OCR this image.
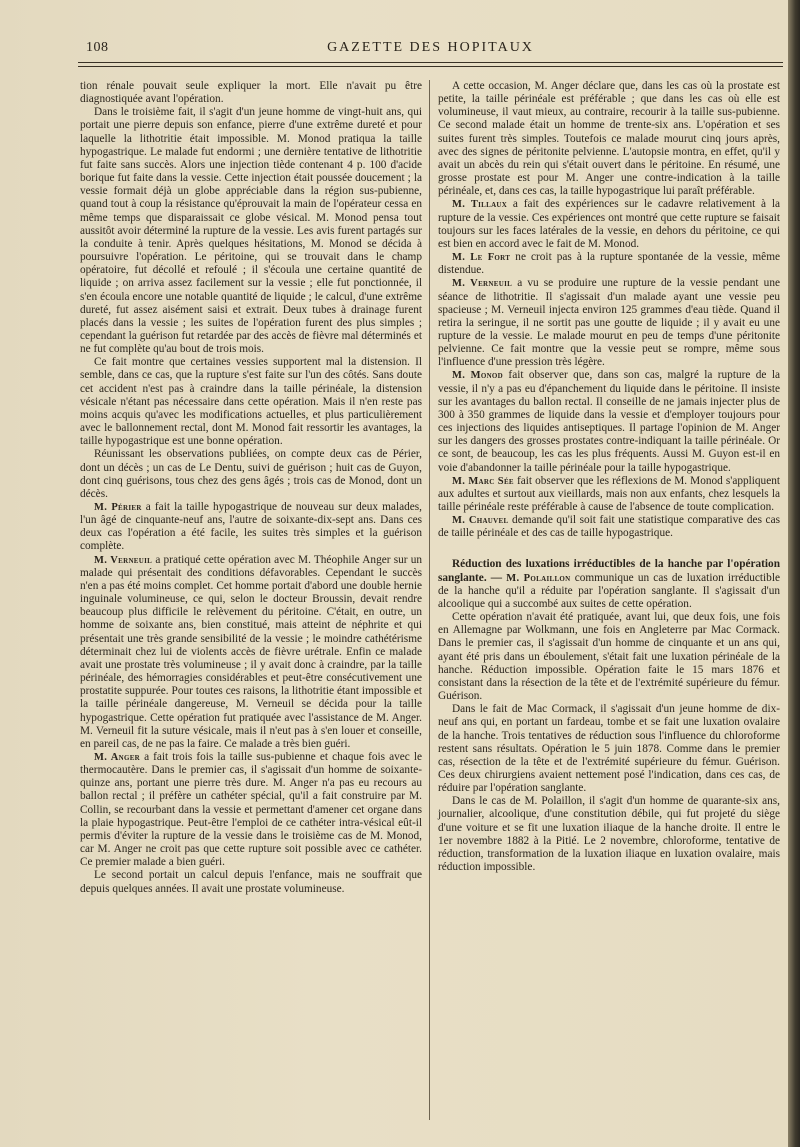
108	GAZETTE DES HOPITAUX

tion rénale pouvait seule expliquer la mort. Elle n'avait pu être diagnostiquée avant l'opération.

Dans le troisième fait, il s'agit d'un jeune homme de vingt-huit ans, qui portait une pierre depuis son enfance, pierre d'une extrême dureté et pour laquelle la lithotritie était impossible. M. Monod pratiqua la taille hypogastrique. Le malade fut endormi ; une dernière tentative de lithotritie fut faite sans succès. Alors une injection tiède contenant 4 p. 100 d'acide borique fut faite dans la vessie. Cette injection était poussée doucement ; la vessie formait déjà un globe appréciable dans la région sus-pubienne, quand tout à coup la résistance qu'éprouvait la main de l'opérateur cessa en même temps que disparaissait ce globe vésical. M. Monod pensa tout aussitôt avoir déterminé la rupture de la vessie. Les avis furent partagés sur la conduite à tenir. Après quelques hésitations, M. Monod se décida à poursuivre l'opération. Le péritoine, qui se trouvait dans le champ opératoire, fut décollé et refoulé ; il s'écoula une certaine quantité de liquide ; on arriva assez facilement sur la vessie ; elle fut ponctionnée, il s'en écoula encore une notable quantité de liquide ; le calcul, d'une extrême dureté, fut assez aisément saisi et extrait. Deux tubes à drainage furent placés dans la vessie ; les suites de l'opération furent des plus simples ; cependant la guérison fut retardée par des accès de fièvre mal déterminés et ne fut complète qu'au bout de trois mois.

Ce fait montre que certaines vessies supportent mal la distension. Il semble, dans ce cas, que la rupture s'est faite sur l'un des côtés. Sans doute cet accident n'est pas à craindre dans la taille périnéale, la distension vésicale n'étant pas nécessaire dans cette opération. Mais il n'en reste pas moins acquis qu'avec les modifications actuelles, et plus particulièrement avec le ballonnement rectal, dont M. Monod fait ressortir les avantages, la taille hypogastrique est une bonne opération.

Réunissant les observations publiées, on compte deux cas de Périer, dont un décès ; un cas de Le Dentu, suivi de guérison ; huit cas de Guyon, dont cinq guérisons, tous chez des gens âgés ; trois cas de Monod, dont un décès.

M. Périer a fait la taille hypogastrique de nouveau sur deux malades, l'un âgé de cinquante-neuf ans, l'autre de soixante-dix-sept ans. Dans ces deux cas l'opération a été facile, les suites très simples et la guérison complète.

M. Verneuil a pratiqué cette opération avec M. Théophile Anger sur un malade qui présentait des conditions défavorables. Cependant le succès n'en a pas été moins complet. Cet homme portait d'abord une double hernie inguinale volumineuse, ce qui, selon le docteur Broussin, devait rendre beaucoup plus difficile le relèvement du péritoine. C'était, en outre, un homme de soixante ans, bien constitué, mais atteint de néphrite et qui présentait une très grande sensibilité de la vessie ; le moindre cathétérisme déterminait chez lui de violents accès de fièvre urétrale. Enfin ce malade avait une prostate très volumineuse ; il y avait donc à craindre, par la taille périnéale, des hémorragies considérables et peut-être consécutivement une prostatite suppurée. Pour toutes ces raisons, la lithotritie étant impossible et la taille périnéale dangereuse, M. Verneuil se décida pour la taille hypogastrique. Cette opération fut pratiquée avec l'assistance de M. Anger. M. Verneuil fit la suture vésicale, mais il n'eut pas à s'en louer et conseille, en pareil cas, de ne pas la faire. Ce malade a très bien guéri.

M. Anger a fait trois fois la taille sus-pubienne et chaque fois avec le thermocautère. Dans le premier cas, il s'agissait d'un homme de soixante-quinze ans, portant une pierre très dure. M. Anger n'a pas eu recours au ballon rectal ; il préfère un cathéter spécial, qu'il a fait construire par M. Collin, se recourbant dans la vessie et permettant d'amener cet organe dans la plaie hypogastrique. Peut-être l'emploi de ce cathéter intra-vésical eût-il permis d'éviter la rupture de la vessie dans le troisième cas de M. Monod, car M. Anger ne croit pas que cette rupture soit possible avec ce cathéter. Ce premier malade a bien guéri.

Le second portait un calcul depuis l'enfance, mais ne souffrait que depuis quelques années. Il avait une prostate volumineuse.

A cette occasion, M. Anger déclare que, dans les cas où la prostate est petite, la taille périnéale est préférable ; que dans les cas où elle est volumineuse, il vaut mieux, au contraire, recourir à la taille sus-pubienne. Ce second malade était un homme de trente-six ans. L'opération et ses suites furent très simples. Toutefois ce malade mourut cinq jours après, avec des signes de péritonite pelvienne. L'autopsie montra, en effet, qu'il y avait un abcès du rein qui s'était ouvert dans le péritoine. En résumé, une grosse prostate est pour M. Anger une contre-indication à la taille périnéale, et, dans ces cas, la taille hypogastrique lui paraît préférable.

M. Tillaux a fait des expériences sur le cadavre relativement à la rupture de la vessie. Ces expériences ont montré que cette rupture se faisait toujours sur les faces latérales de la vessie, en dehors du péritoine, ce qui est bien en accord avec le fait de M. Monod.

M. Le Fort ne croit pas à la rupture spontanée de la vessie, même distendue.

M. Verneuil a vu se produire une rupture de la vessie pendant une séance de lithotritie. Il s'agissait d'un malade ayant une vessie peu spacieuse ; M. Verneuil injecta environ 125 grammes d'eau tiède. Quand il retira la seringue, il ne sortit pas une goutte de liquide ; il y avait eu une rupture de la vessie. Le malade mourut en peu de temps d'une péritonite pelvienne. Ce fait montre que la vessie peut se rompre, même sous l'influence d'une pression très légère.

M. Monod fait observer que, dans son cas, malgré la rupture de la vessie, il n'y a pas eu d'épanchement du liquide dans le péritoine. Il insiste sur les avantages du ballon rectal. Il conseille de ne jamais injecter plus de 300 à 350 grammes de liquide dans la vessie et d'employer toujours pour ces injections des liquides antiseptiques. Il partage l'opinion de M. Anger sur les dangers des grosses prostates contre-indiquant la taille périnéale. Or ce sont, de beaucoup, les cas les plus fréquents. Aussi M. Guyon est-il en voie d'abandonner la taille périnéale pour la taille hypogastrique.

M. Marc Sée fait observer que les réflexions de M. Monod s'appliquent aux adultes et surtout aux vieillards, mais non aux enfants, chez lesquels la taille périnéale reste préférable à cause de l'absence de toute complication.

M. Chauvel demande qu'il soit fait une statistique comparative des cas de taille périnéale et des cas de taille hypogastrique.

Réduction des luxations irréductibles de la hanche par l'opération sanglante. — M. Polaillon communique un cas de luxation irréductible de la hanche qu'il a réduite par l'opération sanglante. Il s'agissait d'un alcoolique qui a succombé aux suites de cette opération.

Cette opération n'avait été pratiquée, avant lui, que deux fois, une fois en Allemagne par Wolkmann, une fois en Angleterre par Mac Cormack. Dans le premier cas, il s'agissait d'un homme de cinquante et un ans qui, ayant été pris dans un éboulement, s'était fait une luxation périnéale de la hanche. Réduction impossible. Opération faite le 15 mars 1876 et consistant dans la résection de la tête et de l'extrémité supérieure du fémur. Guérison.

Dans le fait de Mac Cormack, il s'agissait d'un jeune homme de dix-neuf ans qui, en portant un fardeau, tombe et se fait une luxation ovalaire de la hanche. Trois tentatives de réduction sous l'influence du chloroforme restent sans résultats. Opération le 5 juin 1878. Comme dans le premier cas, résection de la tête et de l'extrémité supérieure du fémur. Guérison. Ces deux chirurgiens avaient nettement posé l'indication, dans ces cas, de réduire par l'opération sanglante.

Dans le cas de M. Polaillon, il s'agit d'un homme de quarante-six ans, journalier, alcoolique, d'une constitution débile, qui fut projeté du siège d'une voiture et se fit une luxation iliaque de la hanche droite. Il entre le 1er novembre 1882 à la Pitié. Le 2 novembre, chloroforme, tentative de réduction, transformation de la luxation iliaque en luxation ovalaire, mais réduction impossible.
